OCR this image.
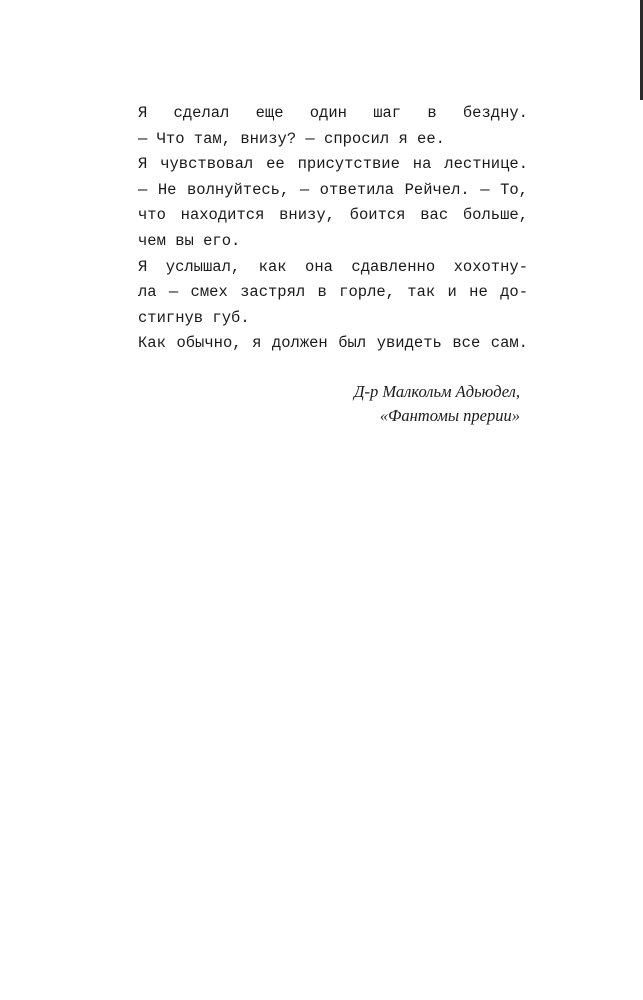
Я сделал еще один шаг в бездну.
— Что там, внизу? — спросил я ее.
Я чувствовал ее присутствие на лестнице.
— Не волнуйтесь, — ответила Рейчел. — То,
что находится внизу, боится вас больше,
чем вы его.
Я услышал, как она сдавленно хохотну-
ла — смех застрял в горле, так и не до-
стигнув губ.
Как обычно, я должен был увидеть все сам.
Д-р Малкольм Адьюдел,
«Фантомы прерии»
